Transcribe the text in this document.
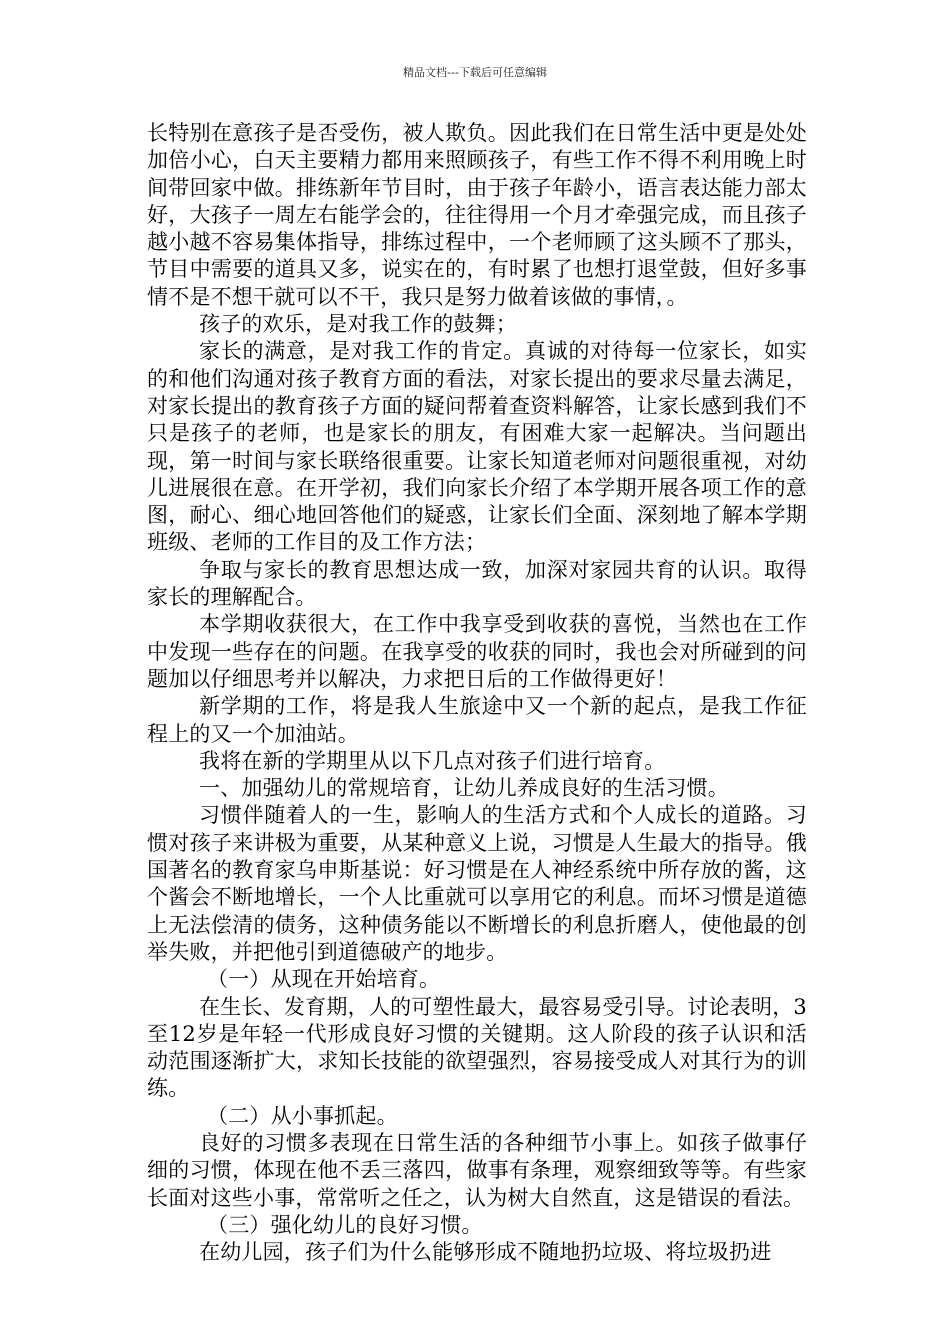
精品文档---下载后可任意编辑

长特别在意孩子是否受伤，被人欺负。因此我们在日常生活中更是处处加倍小心，白天主要精力都用来照顾孩子，有些工作不得不利用晚上时间带回家中做。排练新年节目时，由于孩子年龄小，语言表达能力部太好，大孩子一周左右能学会的，往往得用一个月才牵强完成，而且孩子越小越不容易集体指导，排练过程中，一个老师顾了这头顾不了那头，节目中需要的道具又多，说实在的，有时累了也想打退堂鼓，但好多事情不是不想干就可以不干，我只是努力做着该做的事情，。

孩子的欢乐，是对我工作的鼓舞；

家长的满意，是对我工作的肯定。真诚的对待每一位家长，如实的和他们沟通对孩子教育方面的看法，对家长提出的要求尽量去满足，对家长提出的教育孩子方面的疑问帮着查资料解答，让家长感到我们不只是孩子的老师，也是家长的朋友，有困难大家一起解决。当问题出现，第一时间与家长联络很重要。让家长知道老师对问题很重视，对幼儿进展很在意。在开学初，我们向家长介绍了本学期开展各项工作的意图，耐心、细心地回答他们的疑惑，让家长们全面、深刻地了解本学期班级、老师的工作目的及工作方法；

争取与家长的教育思想达成一致，加深对家园共育的认识。取得家长的理解配合。

本学期收获很大，在工作中我享受到收获的喜悦，当然也在工作中发现一些存在的问题。在我享受的收获的同时，我也会对所碰到的问题加以仔细思考并以解决，力求把日后的工作做得更好！

新学期的工作，将是我人生旅途中又一个新的起点，是我工作征程上的又一个加油站。

我将在新的学期里从以下几点对孩子们进行培育。

一、加强幼儿的常规培育，让幼儿养成良好的生活习惯。

习惯伴随着人的一生，影响人的生活方式和个人成长的道路。习惯对孩子来讲极为重要，从某种意义上说，习惯是人生最大的指导。俄国著名的教育家乌申斯基说：好习惯是在人神经系统中所存放的酱，这个酱会不断地增长，一个人比重就可以享用它的利息。而坏习惯是道德上无法偿清的债务，这种债务能以不断增长的利息折磨人，使他最的创举失败，并把他引到道德破产的地步。

（一）从现在开始培育。

在生长、发育期，人的可塑性最大，最容易受引导。讨论表明，3至12岁是年轻一代形成良好习惯的关键期。这人阶段的孩子认识和活动范围逐渐扩大，求知长技能的欲望强烈，容易接受成人对其行为的训练。

（二）从小事抓起。

良好的习惯多表现在日常生活的各种细节小事上。如孩子做事仔细的习惯，体现在他不丢三落四，做事有条理，观察细致等等。有些家长面对这些小事，常常听之任之，认为树大自然直，这是错误的看法。

（三）强化幼儿的良好习惯。

在幼儿园，孩子们为什么能够形成不随地扔垃圾、将垃圾扔进
